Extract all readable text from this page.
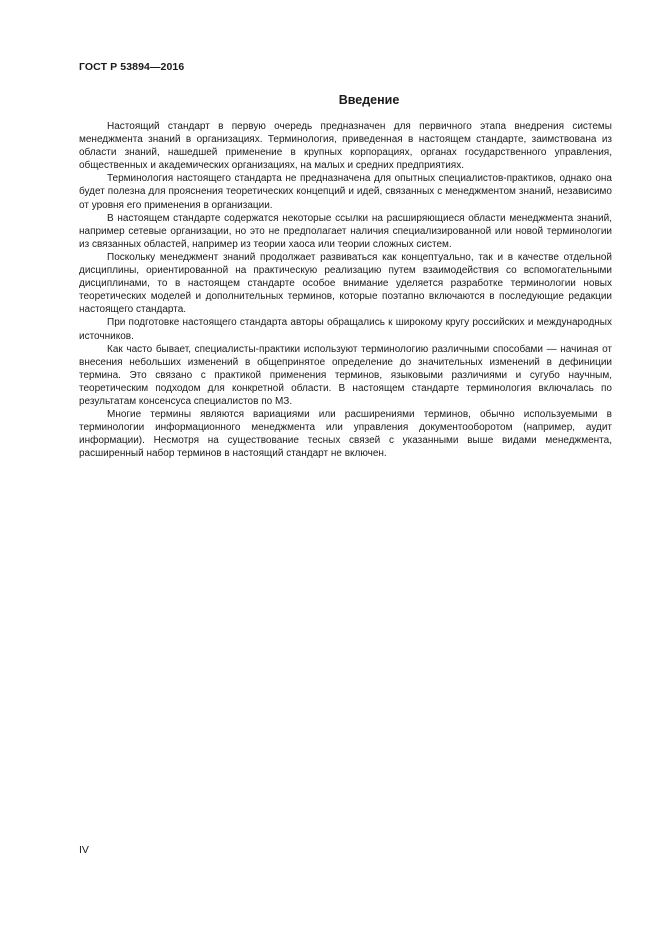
ГОСТ Р 53894—2016
Введение

Настоящий стандарт в первую очередь предназначен для первичного этапа внедрения системы менеджмента знаний в организациях. Терминология, приведенная в настоящем стандарте, заимствована из области знаний, нашедшей применение в крупных корпорациях, органах государственного управления, общественных и академических организациях, на малых и средних предприятиях.

Терминология настоящего стандарта не предназначена для опытных специалистов-практиков, однако она будет полезна для прояснения теоретических концепций и идей, связанных с менеджментом знаний, независимо от уровня его применения в организации.

В настоящем стандарте содержатся некоторые ссылки на расширяющиеся области менеджмента знаний, например сетевые организации, но это не предполагает наличия специализированной или новой терминологии из связанных областей, например из теории хаоса или теории сложных систем.

Поскольку менеджмент знаний продолжает развиваться как концептуально, так и в качестве отдельной дисциплины, ориентированной на практическую реализацию путем взаимодействия со вспомогательными дисциплинами, то в настоящем стандарте особое внимание уделяется разработке терминологии новых теоретических моделей и дополнительных терминов, которые поэтапно включаются в последующие редакции настоящего стандарта.

При подготовке настоящего стандарта авторы обращались к широкому кругу российских и международных источников.

Как часто бывает, специалисты-практики используют терминологию различными способами — начиная от внесения небольших изменений в общепринятое определение до значительных изменений в дефиниции термина. Это связано с практикой применения терминов, языковыми различиями и сугубо научным, теоретическим подходом для конкретной области. В настоящем стандарте терминология включалась по результатам консенсуса специалистов по МЗ.

Многие термины являются вариациями или расширениями терминов, обычно используемыми в терминологии информационного менеджмента или управления документооборотом (например, аудит информации). Несмотря на существование тесных связей с указанными выше видами менеджмента, расширенный набор терминов в настоящий стандарт не включен.

IV
